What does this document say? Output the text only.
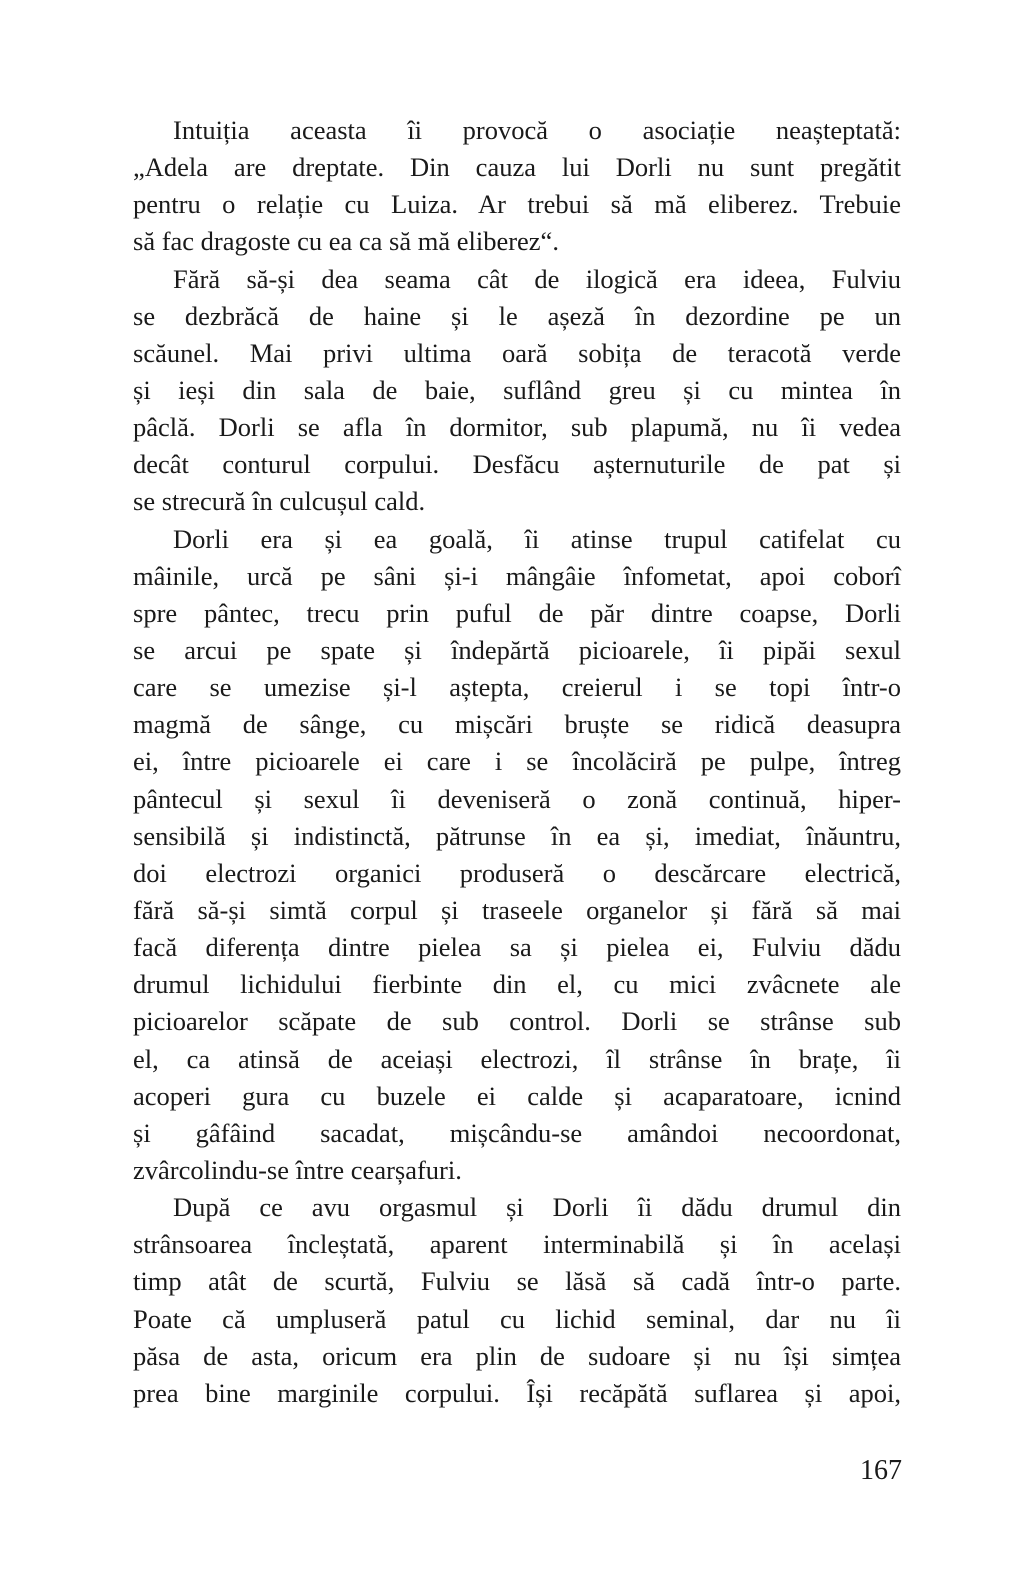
Intuiția aceasta îi provocă o asociație neașteptată:
„Adela are dreptate. Din cauza lui Dorli nu sunt pregătit
pentru o relație cu Luiza. Ar trebui să mă eliberez. Trebuie
să fac dragoste cu ea ca să mă eliberez“.
Fără să-și dea seama cât de ilogică era ideea, Fulviu
se dezbrăcă de haine și le așeză în dezordine pe un
scăunel. Mai privi ultima oară sobița de teracotă verde
și ieși din sala de baie, suflând greu și cu mintea în
pâclă. Dorli se afla în dormitor, sub plapumă, nu îi vedea
decât conturul corpului. Desfăcu așternuturile de pat și
se strecură în culcușul cald.
Dorli era și ea goală, îi atinse trupul catifelat cu
mâinile, urcă pe sâni și-i mângâie înfometat, apoi coborî
spre pântec, trecu prin puful de păr dintre coapse, Dorli
se arcui pe spate și îndepărtă picioarele, îi pipăi sexul
care se umezise și-l aștepta, creierul i se topi într-o
magmă de sânge, cu mișcări bruște se ridică deasupra
ei, între picioarele ei care i se încolăciră pe pulpe, întreg
pântecul și sexul îi deveniseră o zonă continuă, hiper-
sensibilă și indistinctă, pătrunse în ea și, imediat, înăuntru,
doi electrozi organici produseră o descărcare electrică,
fără să-și simtă corpul și traseele organelor și fără să mai
facă diferența dintre pielea sa și pielea ei, Fulviu dădu
drumul lichidului fierbinte din el, cu mici zvâcnete ale
picioarelor scăpate de sub control. Dorli se strânse sub
el, ca atinsă de aceiași electrozi, îl strânse în brațe, îi
acoperi gura cu buzele ei calde și acaparatoare, icnind
și gâfâind sacadat, mișcându-se amândoi necoordonat,
zvârcolindu-se între cearșafuri.
După ce avu orgasmul și Dorli îi dădu drumul din
strânsoarea încleștată, aparent interminabilă și în același
timp atât de scurtă, Fulviu se lăsă să cadă într-o parte.
Poate că umpluseră patul cu lichid seminal, dar nu îi
păsa de asta, oricum era plin de sudoare și nu își simțea
prea bine marginile corpului. Își recăpătă suflarea și apoi,
167
